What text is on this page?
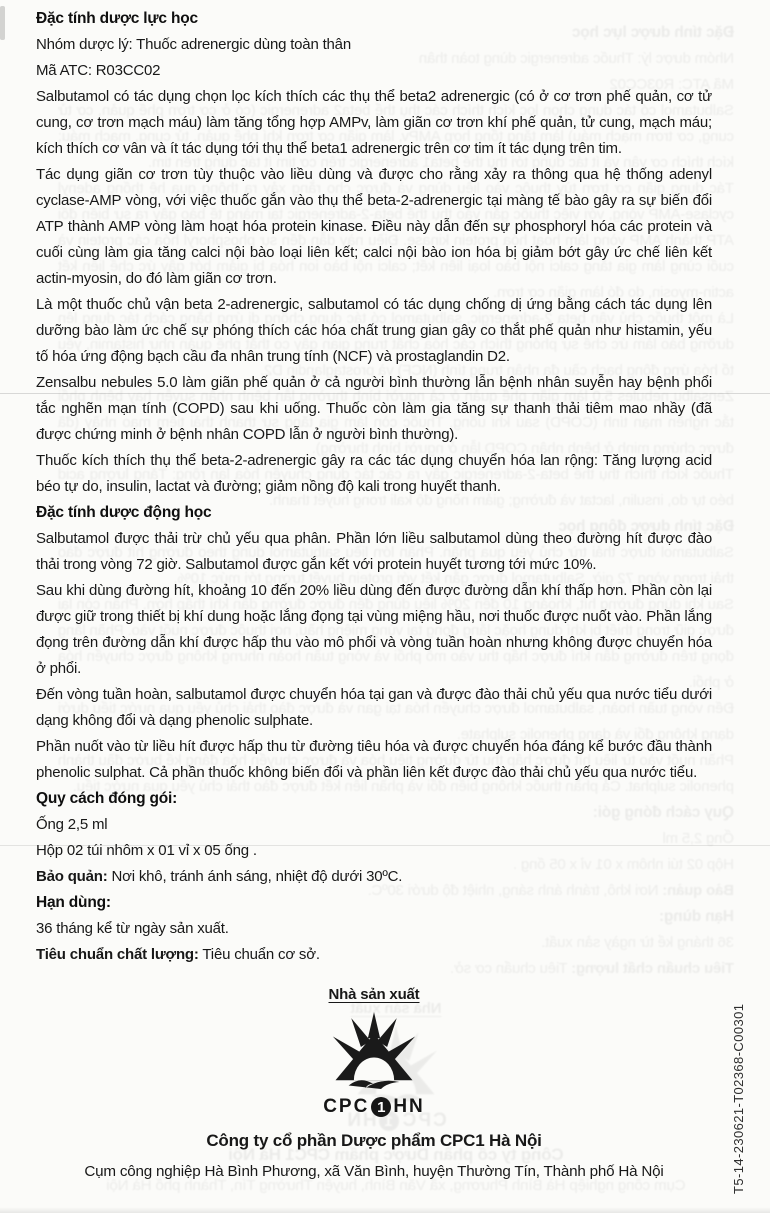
Đặc tính dược lực học

Nhóm dược lý: Thuốc adrenergic dùng toàn thân

Mã ATC: R03CC02

Salbutamol có tác dụng chọn lọc kích thích các thụ thể beta2 adrenergic (có ở cơ trơn phế quản, cơ tử cung, cơ trơn mạch máu) làm tăng tổng hợp AMPv, làm giãn cơ trơn khí phế quản, tử cung, mạch máu; kích thích cơ vân và ít tác dụng tới thụ thể beta1 adrenergic trên cơ tim ít tác dụng trên tim.

Tác dụng giãn cơ trơn tùy thuộc vào liều dùng và được cho rằng xảy ra thông qua hệ thống adenyl cyclase-AMP vòng, với việc thuốc gắn vào thụ thể beta-2-adrenergic tại màng tế bào gây ra sự biến đổi ATP thành AMP vòng làm hoạt hóa protein kinase. Điều này dẫn đến sự phosphoryl hóa các protein và cuối cùng làm gia tăng calci nội bào loại liên kết; calci nội bào ion hóa bị giảm bớt gây ức chế liên kết actin-myosin, do đó làm giãn cơ trơn.

Là một thuốc chủ vận beta 2-adrenergic, salbutamol có tác dụng chống dị ứng bằng cách tác dụng lên dưỡng bào làm ức chế sự phóng thích các hóa chất trung gian gây co thắt phế quản như histamin, yếu tố hóa ứng động bạch cầu đa nhân trung tính (NCF) và prostaglandin D2.

Zensalbu nebules 5.0 làm giãn phế quản ở cả người bình thường lẫn bệnh nhân suyễn hay bệnh phổi tắc nghẽn mạn tính (COPD) sau khi uống. Thuốc còn làm gia tăng sự thanh thải tiêm mao nhầy (đã được chứng minh ở bệnh nhân COPD lẫn ở người bình thường).

Thuốc kích thích thụ thể beta-2-adrenergic gây ra các tác dụng chuyển hóa lan rộng: Tăng lượng acid béo tự do, insulin, lactat và đường; giảm nồng độ kali trong huyết thanh.

Đặc tính dược động học

Salbutamol được thải trừ chủ yếu qua phân. Phần lớn liều salbutamol dùng theo đường hít được đào thải trong vòng 72 giờ. Salbutamol được gắn kết với protein huyết tương tới mức 10%.

Sau khi dùng đường hít, khoảng 10 đến 20% liều dùng đến được đường dẫn khí thấp hơn. Phần còn lại được giữ trong thiết bị khí dung hoặc lắng đọng tại vùng miệng hầu, nơi thuốc được nuốt vào. Phần lắng đọng trên đường dẫn khí được hấp thu vào mô phổi và vòng tuần hoàn nhưng không được chuyển hóa ở phổi.

Đến vòng tuần hoàn, salbutamol được chuyển hóa tại gan và được đào thải chủ yếu qua nước tiểu dưới dạng không đổi và dạng phenolic sulphate.

Phần nuốt vào từ liều hít được hấp thu từ đường tiêu hóa và được chuyển hóa đáng kể bước đầu thành phenolic sulphat. Cả phần thuốc không biến đổi và phần liên kết được đào thải chủ yếu qua nước tiểu.

Quy cách đóng gói:

Ống 2,5 ml

Hộp 02 túi nhôm x 01 vỉ x 05 ống .

Bảo quản: Nơi khô, tránh ánh sáng, nhiệt độ dưới 30ºC.

Hạn dùng:

36 tháng kể từ ngày sản xuất.

Tiêu chuẩn chất lượng: Tiêu chuẩn cơ sở.

Nhà sản xuất
CPC
1
HN
Công ty cổ phần Dược phẩm CPC1 Hà Nội
Cụm công nghiệp Hà Bình Phương, xã Văn Bình, huyện Thường Tín, Thành phố Hà Nội
Đặc tính dược lực học

Nhóm dược lý: Thuốc adrenergic dùng toàn thân

Mã ATC: R03CC02

Salbutamol có tác dụng chọn lọc kích thích các thụ thể beta2 adrenergic (có ở cơ trơn phế quản, cơ tử cung, cơ trơn mạch máu) làm tăng tổng hợp AMPv, làm giãn cơ trơn khí phế quản, tử cung, mạch máu; kích thích cơ vân và ít tác dụng tới thụ thể beta1 adrenergic trên cơ tim ít tác dụng trên tim.

Tác dụng giãn cơ trơn tùy thuộc vào liều dùng và được cho rằng xảy ra thông qua hệ thống adenyl cyclase-AMP vòng, với việc thuốc gắn vào thụ thể beta-2-adrenergic tại màng tế bào gây ra sự biến đổi ATP thành AMP vòng làm hoạt hóa protein kinase. Điều này dẫn đến sự phosphoryl hóa các protein và cuối cùng làm gia tăng calci nội bào loại liên kết; calci nội bào ion hóa bị giảm bớt gây ức chế liên kết actin-myosin, do đó làm giãn cơ trơn.

Là một thuốc chủ vận beta 2-adrenergic, salbutamol có tác dụng chống dị ứng bằng cách tác dụng lên dưỡng bào làm ức chế sự phóng thích các hóa chất trung gian gây co thắt phế quản như histamin, yếu tố hóa ứng động bạch cầu đa nhân trung tính (NCF) và prostaglandin D2.

Zensalbu nebules 5.0 làm giãn phế quản ở cả người bình thường lẫn bệnh nhân suyễn hay bệnh phổi tắc nghẽn mạn tính (COPD) sau khi uống. Thuốc còn làm gia tăng sự thanh thải tiêm mao nhầy (đã được chứng minh ở bệnh nhân COPD lẫn ở người bình thường).

Thuốc kích thích thụ thể beta-2-adrenergic gây ra các tác dụng chuyển hóa lan rộng: Tăng lượng acid béo tự do, insulin, lactat và đường; giảm nồng độ kali trong huyết thanh.

Đặc tính dược động học

Salbutamol được thải trừ chủ yếu qua phân. Phần lớn liều salbutamol dùng theo đường hít được đào thải trong vòng 72 giờ. Salbutamol được gắn kết với protein huyết tương tới mức 10%.

Sau khi dùng đường hít, khoảng 10 đến 20% liều dùng đến được đường dẫn khí thấp hơn. Phần còn lại được giữ trong thiết bị khí dung hoặc lắng đọng tại vùng miệng hầu, nơi thuốc được nuốt vào. Phần lắng đọng trên đường dẫn khí được hấp thu vào mô phổi và vòng tuần hoàn nhưng không được chuyển hóa ở phổi.

Đến vòng tuần hoàn, salbutamol được chuyển hóa tại gan và được đào thải chủ yếu qua nước tiểu dưới dạng không đổi và dạng phenolic sulphate.

Phần nuốt vào từ liều hít được hấp thu từ đường tiêu hóa và được chuyển hóa đáng kể bước đầu thành phenolic sulphat. Cả phần thuốc không biến đổi và phần liên kết được đào thải chủ yếu qua nước tiểu.

Quy cách đóng gói:

Ống 2,5 ml

Hộp 02 túi nhôm x 01 vỉ x 05 ống .

Bảo quản: Nơi khô, tránh ánh sáng, nhiệt độ dưới 30ºC.

Hạn dùng:

36 tháng kể từ ngày sản xuất.

Tiêu chuẩn chất lượng: Tiêu chuẩn cơ sở.

Nhà sản xuất
CPC 1 HN
Công ty cổ phần Dược phẩm CPC1 Hà Nội
Cụm công nghiệp Hà Bình Phương, xã Văn Bình, huyện Thường Tín, Thành phố Hà Nội	T5-14-230621-T02368-C00301
